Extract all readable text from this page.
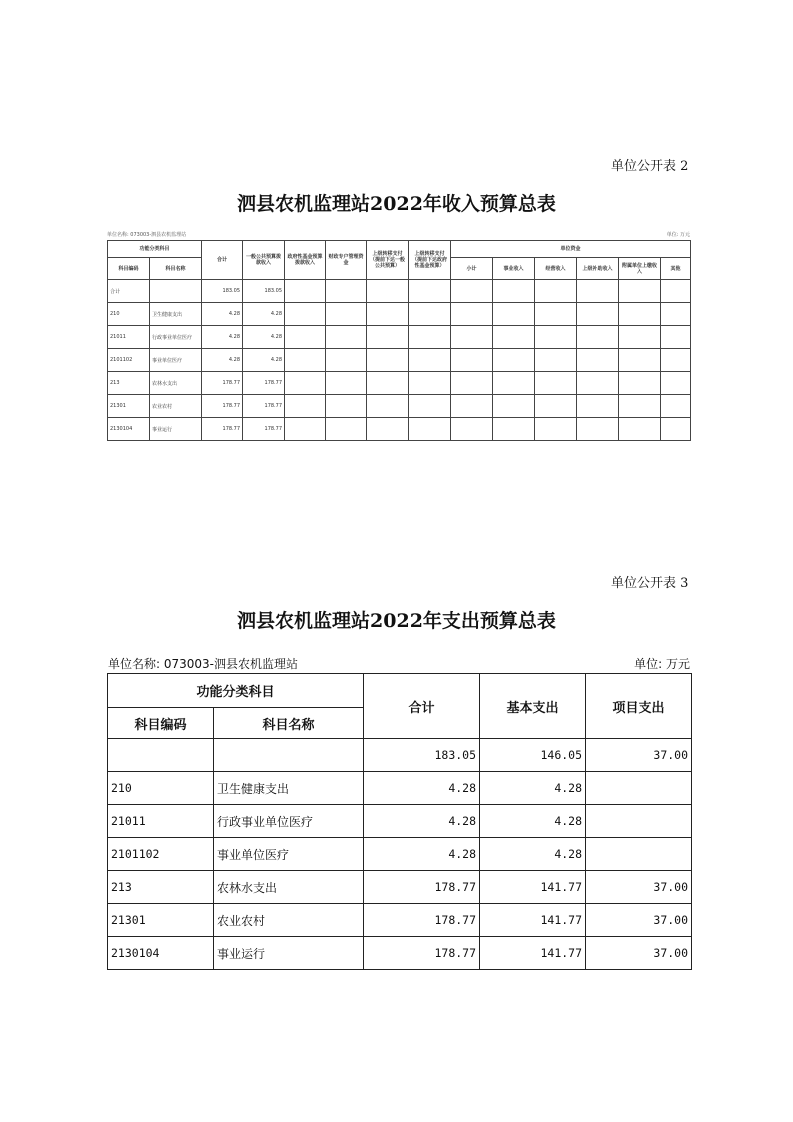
单位公开表 2
泗县农机监理站2022年收入预算总表
单位名称: 073003-泗县农机监理站	单位: 万元
功能分类科目		合计	一般公共预算拨款收入	政府性基金预算拨款收入	财政专户管理资金	上级转移支付（提前下达一般公共预算）	上级转移支付（提前下达政府性基金预算）	单位资金					
科目编码	科目名称							小计	事业收入	经营收入	上级补助收入	附属单位上缴收入	其他
合计		183.05	183.05										
210	卫生健康支出	4.28	4.28										
21011	行政事业单位医疗	4.28	4.28										
2101102	事业单位医疗	4.28	4.28										
213	农林水支出	178.77	178.77										
21301	农业农村	178.77	178.77										
2130104	事业运行	178.77	178.77										
单位公开表 3
泗县农机监理站2022年支出预算总表
单位名称: 073003-泗县农机监理站	单位: 万元
功能分类科目		合计	基本支出	项目支出
科目编码	科目名称			
		183.05	146.05	37.00
210	卫生健康支出	4.28	4.28	
21011	行政事业单位医疗	4.28	4.28	
2101102	事业单位医疗	4.28	4.28	
213	农林水支出	178.77	141.77	37.00
21301	农业农村	178.77	141.77	37.00
2130104	事业运行	178.77	141.77	37.00
